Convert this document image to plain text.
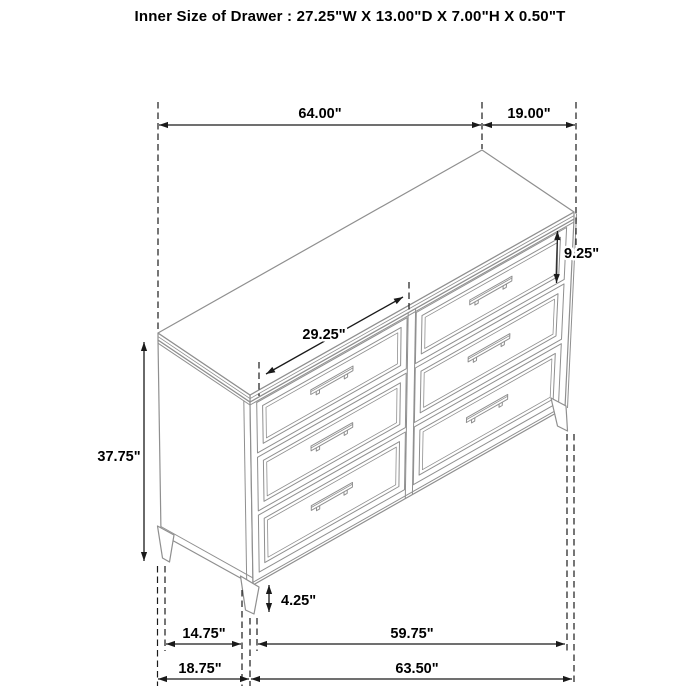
Inner Size of Drawer : 27.25"W X 13.00"D X 7.00"H X 0.50"T
64.00"	19.00"
37.75"
9.25"
29.25"
4.25"
14.75"	59.75"
18.75"	63.50"
